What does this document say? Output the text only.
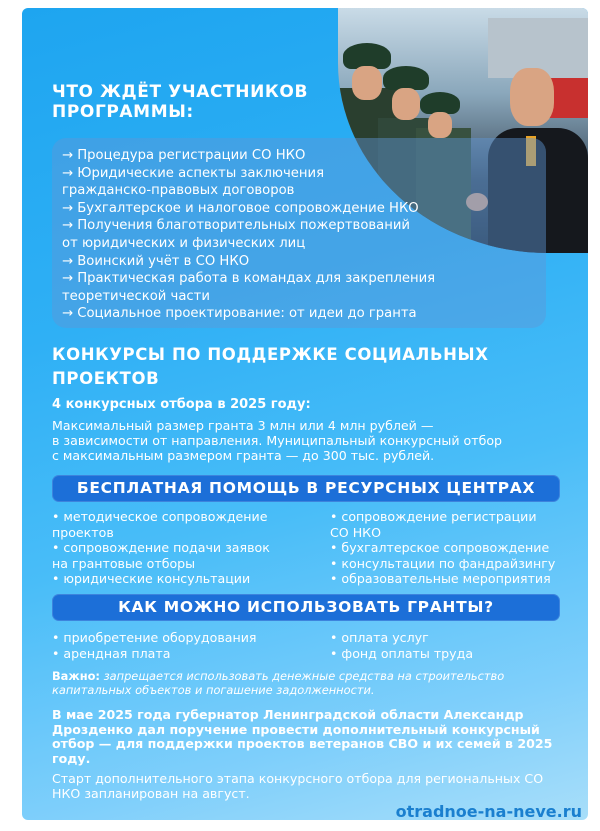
ЧТО ЖДЁТ УЧАСТНИКОВ
ПРОГРАММЫ:
→ Процедура регистрации СО НКО
→ Юридические аспекты заключения
гражданско-правовых договоров
→ Бухгалтерское и налоговое сопровождение НКО
→ Получения благотворительных пожертвований
от юридических и физических лиц
→ Воинский учёт в СО НКО
→ Практическая работа в командах для закрепления
теоретической части
→ Социальное проектирование: от идеи до гранта
КОНКУРСЫ ПО ПОДДЕРЖКЕ СОЦИАЛЬНЫХ
ПРОЕКТОВ
4 конкурсных отбора в 2025 году:
Максимальный размер гранта 3 млн или 4 млн рублей —
в зависимости от направления. Муниципальный конкурсный отбор
с максимальным размером гранта — до 300 тыс. рублей.
БЕСПЛАТНАЯ ПОМОЩЬ В РЕСУРСНЫХ ЦЕНТРАХ
• методическое сопровождение
проектов
• сопровождение подачи заявок
на грантовые отборы
• юридические консультации
• сопровождение регистрации
СО НКО
• бухгалтерское сопровождение
• консультации по фандрайзингу
• образовательные мероприятия
КАК МОЖНО ИСПОЛЬЗОВАТЬ ГРАНТЫ?
• приобретение оборудования
• арендная плата
• оплата услуг
• фонд оплаты труда
Важно: запрещается использовать денежные средства на строительство
капитальных объектов и погашение задолженности.
В мае 2025 года губернатор Ленинградской области Александр
Дрозденко дал поручение провести дополнительный конкурсный
отбор — для поддержки проектов ветеранов СВО и их семей в 2025
году.
Старт дополнительного этапа конкурсного отбора для региональных СО
НКО запланирован на август.
otradnoe-na-neve.ru
